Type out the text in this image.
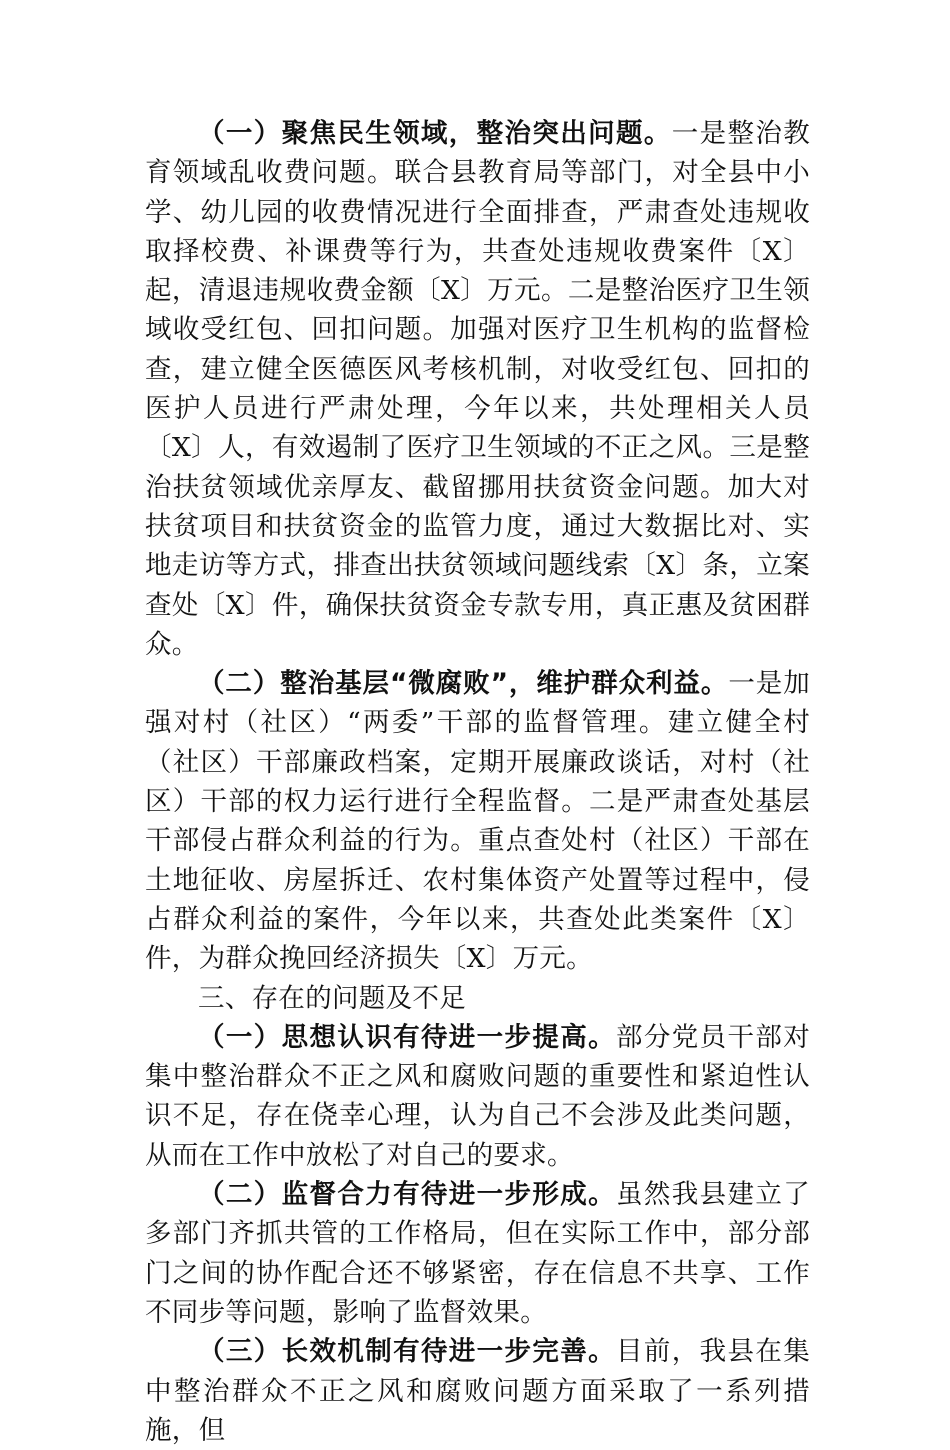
（一）聚焦民生领域，整治突出问题。一是整治教育领域乱收费问题。联合县教育局等部门，对全县中小学、幼儿园的收费情况进行全面排查，严肃查处违规收取择校费、补课费等行为，共查处违规收费案件〔X〕起，清退违规收费金额〔X〕万元。二是整治医疗卫生领域收受红包、回扣问题。加强对医疗卫生机构的监督检查，建立健全医德医风考核机制，对收受红包、回扣的医护人员进行严肃处理，今年以来，共处理相关人员〔X〕人，有效遏制了医疗卫生领域的不正之风。三是整治扶贫领域优亲厚友、截留挪用扶贫资金问题。加大对扶贫项目和扶贫资金的监管力度，通过大数据比对、实地走访等方式，排查出扶贫领域问题线索〔X〕条，立案查处〔X〕件，确保扶贫资金专款专用，真正惠及贫困群众。

（二）整治基层“微腐败”，维护群众利益。一是加强对村（社区）“两委”干部的监督管理。建立健全村（社区）干部廉政档案，定期开展廉政谈话，对村（社区）干部的权力运行进行全程监督。二是严肃查处基层干部侵占群众利益的行为。重点查处村（社区）干部在土地征收、房屋拆迁、农村集体资产处置等过程中，侵占群众利益的案件，今年以来，共查处此类案件〔X〕件，为群众挽回经济损失〔X〕万元。

三、存在的问题及不足

（一）思想认识有待进一步提高。部分党员干部对集中整治群众不正之风和腐败问题的重要性和紧迫性认识不足，存在侥幸心理，认为自己不会涉及此类问题，从而在工作中放松了对自己的要求。

（二）监督合力有待进一步形成。虽然我县建立了多部门齐抓共管的工作格局，但在实际工作中，部分部门之间的协作配合还不够紧密，存在信息不共享、工作不同步等问题，影响了监督效果。

（三）长效机制有待进一步完善。目前，我县在集中整治群众不正之风和腐败问题方面采取了一系列措施，但
